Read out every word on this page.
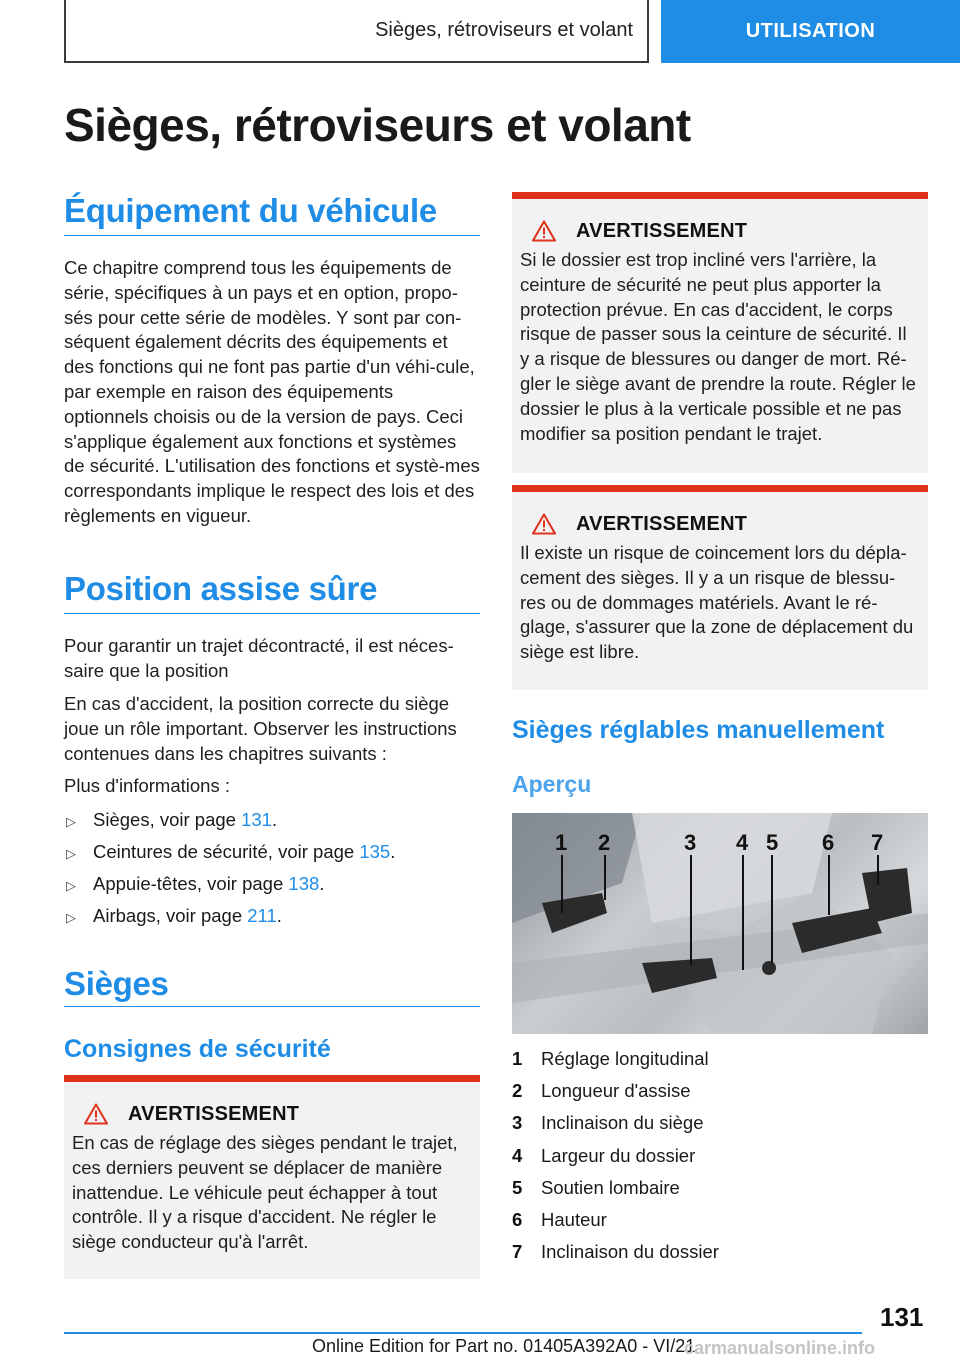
Sièges, rétroviseurs et volant	UTILISATION
Sièges, rétroviseurs et volant
Équipement du véhicule

Ce chapitre comprend tous les équipements de série, spécifiques à un pays et en option, propo-sés pour cette série de modèles. Y sont par con-séquent également décrits des équipements et des fonctions qui ne font pas partie d'un véhi-cule, par exemple en raison des équipements optionnels choisis ou de la version de pays. Ceci s'applique également aux fonctions et systèmes de sécurité. L'utilisation des fonctions et systè-mes correspondants implique le respect des lois et des règlements en vigueur.

Position assise sûre

Pour garantir un trajet décontracté, il est néces-saire que la position

En cas d'accident, la position correcte du siège joue un rôle important. Observer les instructions contenues dans les chapitres suivants :

Plus d'informations :

▷ Sièges, voir page 131.
▷ Ceintures de sécurité, voir page 135.
▷ Appuie-têtes, voir page 138.
▷ Airbags, voir page 211.
Sièges
Consignes de sécurité
AVERTISSEMENT

En cas de réglage des sièges pendant le trajet, ces derniers peuvent se déplacer de manière inattendue. Le véhicule peut échapper à tout contrôle. Il y a risque d'accident. Ne régler le siège conducteur qu'à l'arrêt.

AVERTISSEMENT

Si le dossier est trop incliné vers l'arrière, la ceinture de sécurité ne peut plus apporter la protection prévue. En cas d'accident, le corps risque de passer sous la ceinture de sécurité. Il y a risque de blessures ou danger de mort. Ré-gler le siège avant de prendre la route. Régler le dossier le plus à la verticale possible et ne pas modifier sa position pendant le trajet.

AVERTISSEMENT

Il existe un risque de coincement lors du dépla-cement des sièges. Il y a un risque de blessu-res ou de dommages matériels. Avant le ré-glage, s'assurer que la zone de déplacement du siège est libre.

Sièges réglables manuellement
Aperçu
1 2	3 4 5 6 7
1 Réglage longitudinal
2 Longueur d'assise
3 Inclinaison du siège
4 Largeur du dossier
5 Soutien lombaire
6 Hauteur
7 Inclinaison du dossier
131
Online Edition for Part no. 01405A392A0 - VI/21
carmanualsonline.info
